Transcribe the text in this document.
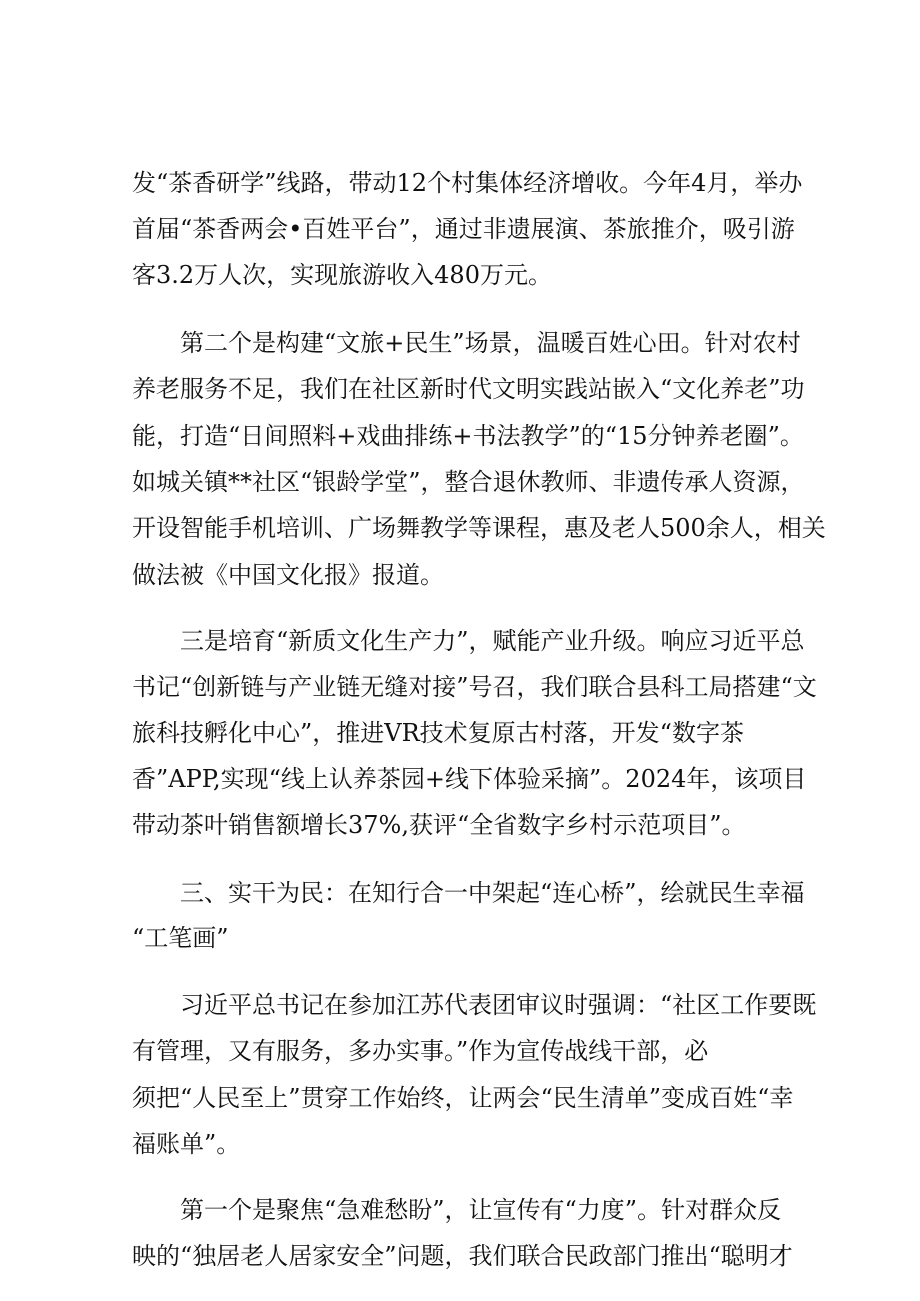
发“茶香研学”线路，带动12个村集体经济增收。今年4月，举办

首届“茶香两会•百姓平台”，通过非遗展演、茶旅推介，吸引游

客3.2万人次，实现旅游收入480万元。

第二个是构建“文旅+民生”场景，温暖百姓心田。针对农村

养老服务不足，我们在社区新时代文明实践站嵌入“文化养老”功

能，打造“日间照料+戏曲排练+书法教学”的“15分钟养老圈”。

如城关镇**社区“银龄学堂”，整合退休教师、非遗传承人资源，

开设智能手机培训、广场舞教学等课程，惠及老人500余人，相关

做法被《中国文化报》报道。

三是培育“新质文化生产力”，赋能产业升级。响应习近平总

书记“创新链与产业链无缝对接”号召，我们联合县科工局搭建“文

旅科技孵化中心”，推进VR技术复原古村落，开发“数字茶

香”APP,实现“线上认养茶园+线下体验采摘”。2024年，该项目

带动茶叶销售额增长37%,获评“全省数字乡村示范项目”。

三、实干为民：在知行合一中架起“连心桥”，绘就民生幸福

“工笔画”

习近平总书记在参加江苏代表团审议时强调：“社区工作要既

有管理，又有服务，多办实事。”作为宣传战线干部，必

须把“人民至上”贯穿工作始终，让两会“民生清单”变成百姓“幸

福账单”。

第一个是聚焦“急难愁盼”，让宣传有“力度”。针对群众反

映的“独居老人居家安全”问题，我们联合民政部门推出“聪明才
